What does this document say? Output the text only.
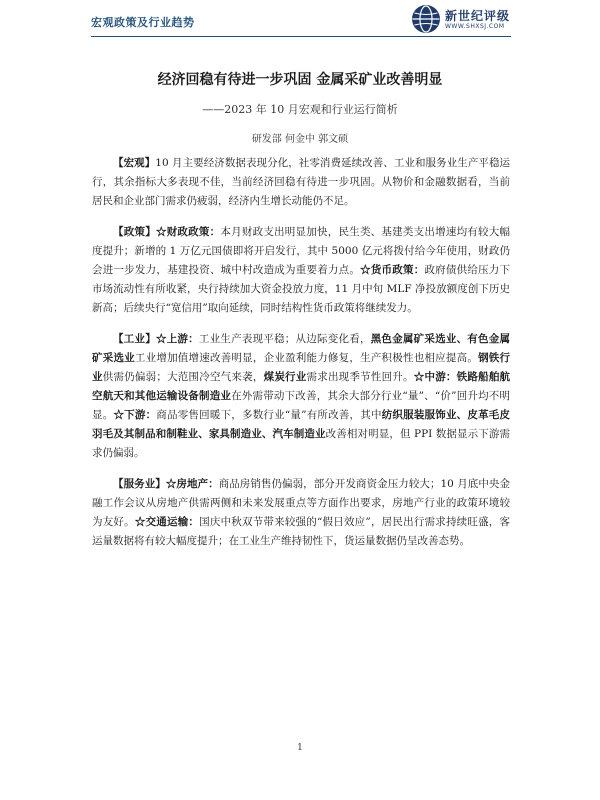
宏观政策及行业趋势	新世纪评级
WWW.SHXSJ.COM
经济回稳有待进一步巩固 金属采矿业改善明显
——2023 年 10 月宏观和行业运行简析
研发部 何金中 郭文硕

【宏观】10 月主要经济数据表现分化，社零消费延续改善、工业和服务业生产平稳运行，其余指标大多表现不佳，当前经济回稳有待进一步巩固。从物价和金融数据看，当前居民和企业部门需求仍疲弱，经济内生增长动能仍不足。

【政策】☆财政政策：本月财政支出明显加快，民生类、基建类支出增速均有较大幅度提升；新增的 1 万亿元国债即将开启发行，其中 5000 亿元将拨付给今年使用，财政仍会进一步发力，基建投资、城中村改造成为重要着力点。☆货币政策：政府债供给压力下市场流动性有所收紧，央行持续加大资金投放力度，11 月中旬 MLF 净投放额度创下历史新高；后续央行“宽信用”取向延续，同时结构性货币政策将继续发力。

【工业】☆上游：工业生产表现平稳；从边际变化看，黑色金属矿采选业、有色金属矿采选业工业增加值增速改善明显，企业盈利能力修复，生产积极性也相应提高。钢铁行业供需仍偏弱；大范围冷空气来袭，煤炭行业需求出现季节性回升。☆中游：铁路船舶航空航天和其他运输设备制造业在外需带动下改善，其余大部分行业“量”、“价”回升均不明显。☆下游：商品零售回暖下，多数行业“量”有所改善，其中纺织服装服饰业、皮革毛皮羽毛及其制品和制鞋业、家具制造业、汽车制造业改善相对明显，但 PPI 数据显示下游需求仍偏弱。

【服务业】☆房地产：商品房销售仍偏弱，部分开发商资金压力较大；10 月底中央金融工作会议从房地产供需两侧和未来发展重点等方面作出要求，房地产行业的政策环境较为友好。☆交通运输：国庆中秋双节带来较强的“假日效应”，居民出行需求持续旺盛，客运量数据将有较大幅度提升；在工业生产维持韧性下，货运量数据仍呈改善态势。

1
